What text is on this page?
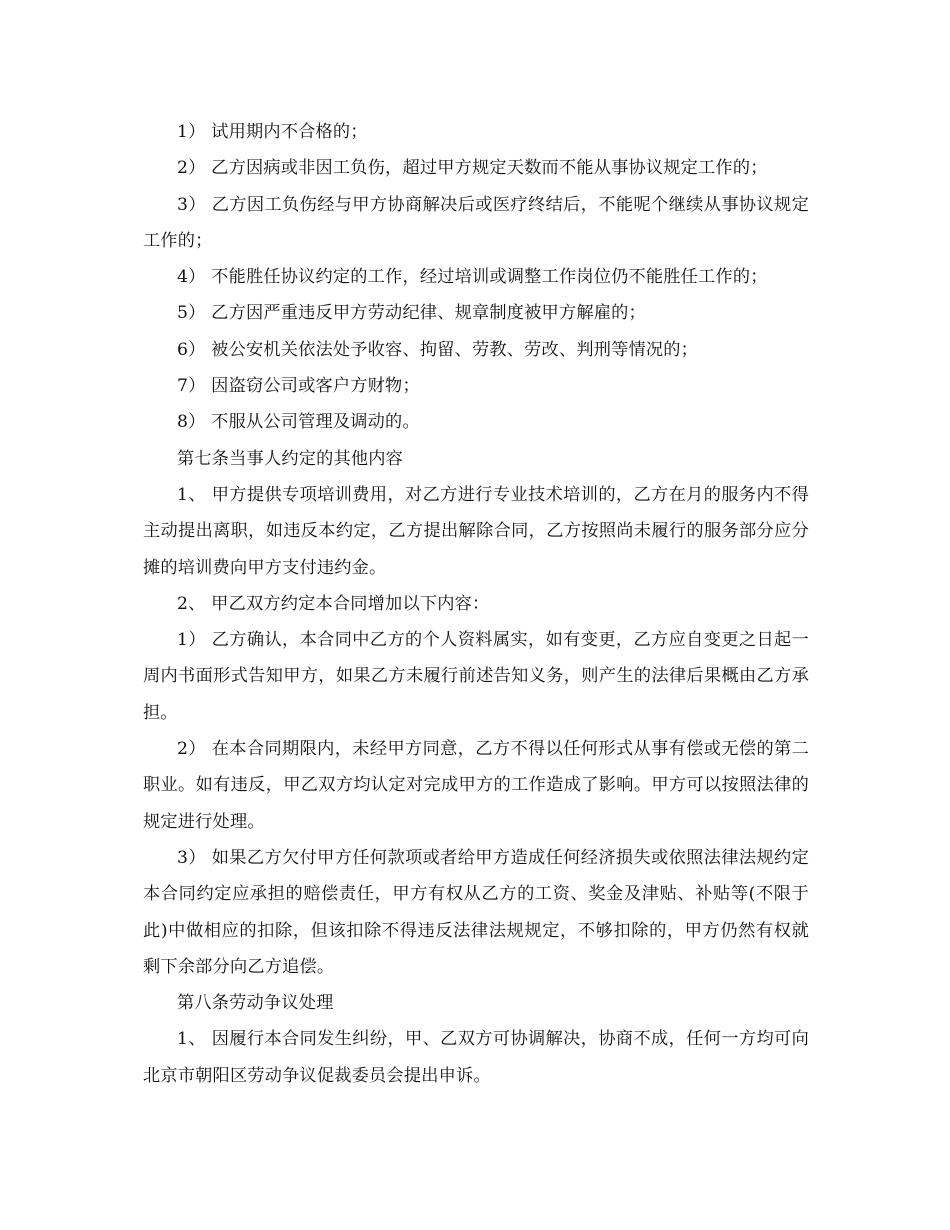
1） 试用期内不合格的；

2） 乙方因病或非因工负伤，超过甲方规定天数而不能从事协议规定工作的；

3） 乙方因工负伤经与甲方协商解决后或医疗终结后，不能呢个继续从事协议规定工作的；

4） 不能胜任协议约定的工作，经过培训或调整工作岗位仍不能胜任工作的；

5） 乙方因严重违反甲方劳动纪律、规章制度被甲方解雇的；

6） 被公安机关依法处予收容、拘留、劳教、劳改、判刑等情况的；

7） 因盗窃公司或客户方财物；

8） 不服从公司管理及调动的。

第七条当事人约定的其他内容

1、 甲方提供专项培训费用，对乙方进行专业技术培训的，乙方在月的服务内不得主动提出离职，如违反本约定，乙方提出解除合同，乙方按照尚未履行的服务部分应分摊的培训费向甲方支付违约金。

2、 甲乙双方约定本合同增加以下内容：

1） 乙方确认，本合同中乙方的个人资料属实，如有变更，乙方应自变更之日起一周内书面形式告知甲方，如果乙方未履行前述告知义务，则产生的法律后果概由乙方承担。

2） 在本合同期限内，未经甲方同意，乙方不得以任何形式从事有偿或无偿的第二职业。如有违反，甲乙双方均认定对完成甲方的工作造成了影响。甲方可以按照法律的规定进行处理。

3） 如果乙方欠付甲方任何款项或者给甲方造成任何经济损失或依照法律法规约定本合同约定应承担的赔偿责任，甲方有权从乙方的工资、奖金及津贴、补贴等(不限于此)中做相应的扣除，但该扣除不得违反法律法规规定，不够扣除的，甲方仍然有权就剩下余部分向乙方追偿。

第八条劳动争议处理

1、 因履行本合同发生纠纷，甲、乙双方可协调解决，协商不成，任何一方均可向北京市朝阳区劳动争议促裁委员会提出申诉。
